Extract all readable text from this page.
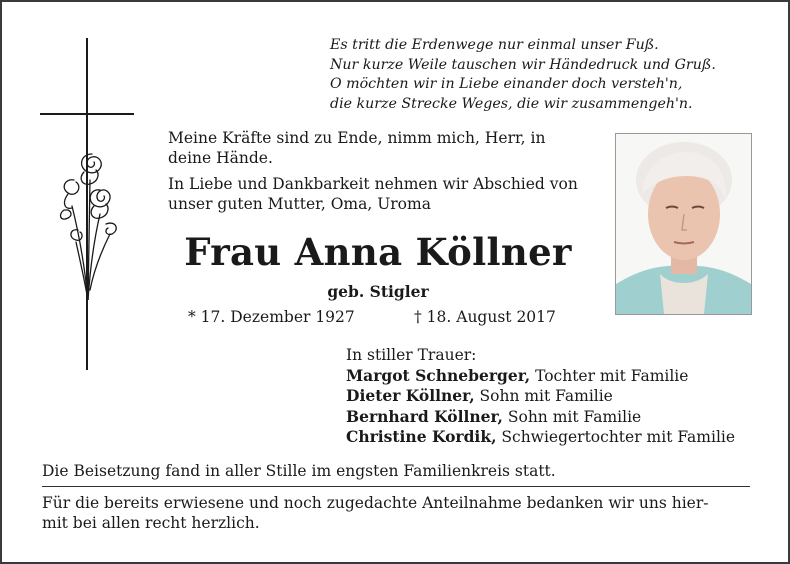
Es tritt die Erdenwege nur einmal unser Fuß.
Nur kurze Weile tauschen wir Händedruck und Gruß.
O möchten wir in Liebe einander doch versteh'n,
die kurze Strecke Weges, die wir zusammengeh'n.

Meine Kräfte sind zu Ende, nimm mich, Herr, in deine Hände.

In Liebe und Dankbarkeit nehmen wir Abschied von unser guten Mutter, Oma, Uroma

Frau Anna Köllner
geb. Stigler
* 17. Dezember 1927	† 18. August 2017
In stiller Trauer:
Margot Schneberger, Tochter mit Familie
Dieter Köllner, Sohn mit Familie
Bernhard Köllner, Sohn mit Familie
Christine Kordik, Schwiegertochter mit Familie
Die Beisetzung fand in aller Stille im engsten Familienkreis statt.
Für die bereits erwiesene und noch zugedachte Anteilnahme bedanken wir uns hier-
mit bei allen recht herzlich.
